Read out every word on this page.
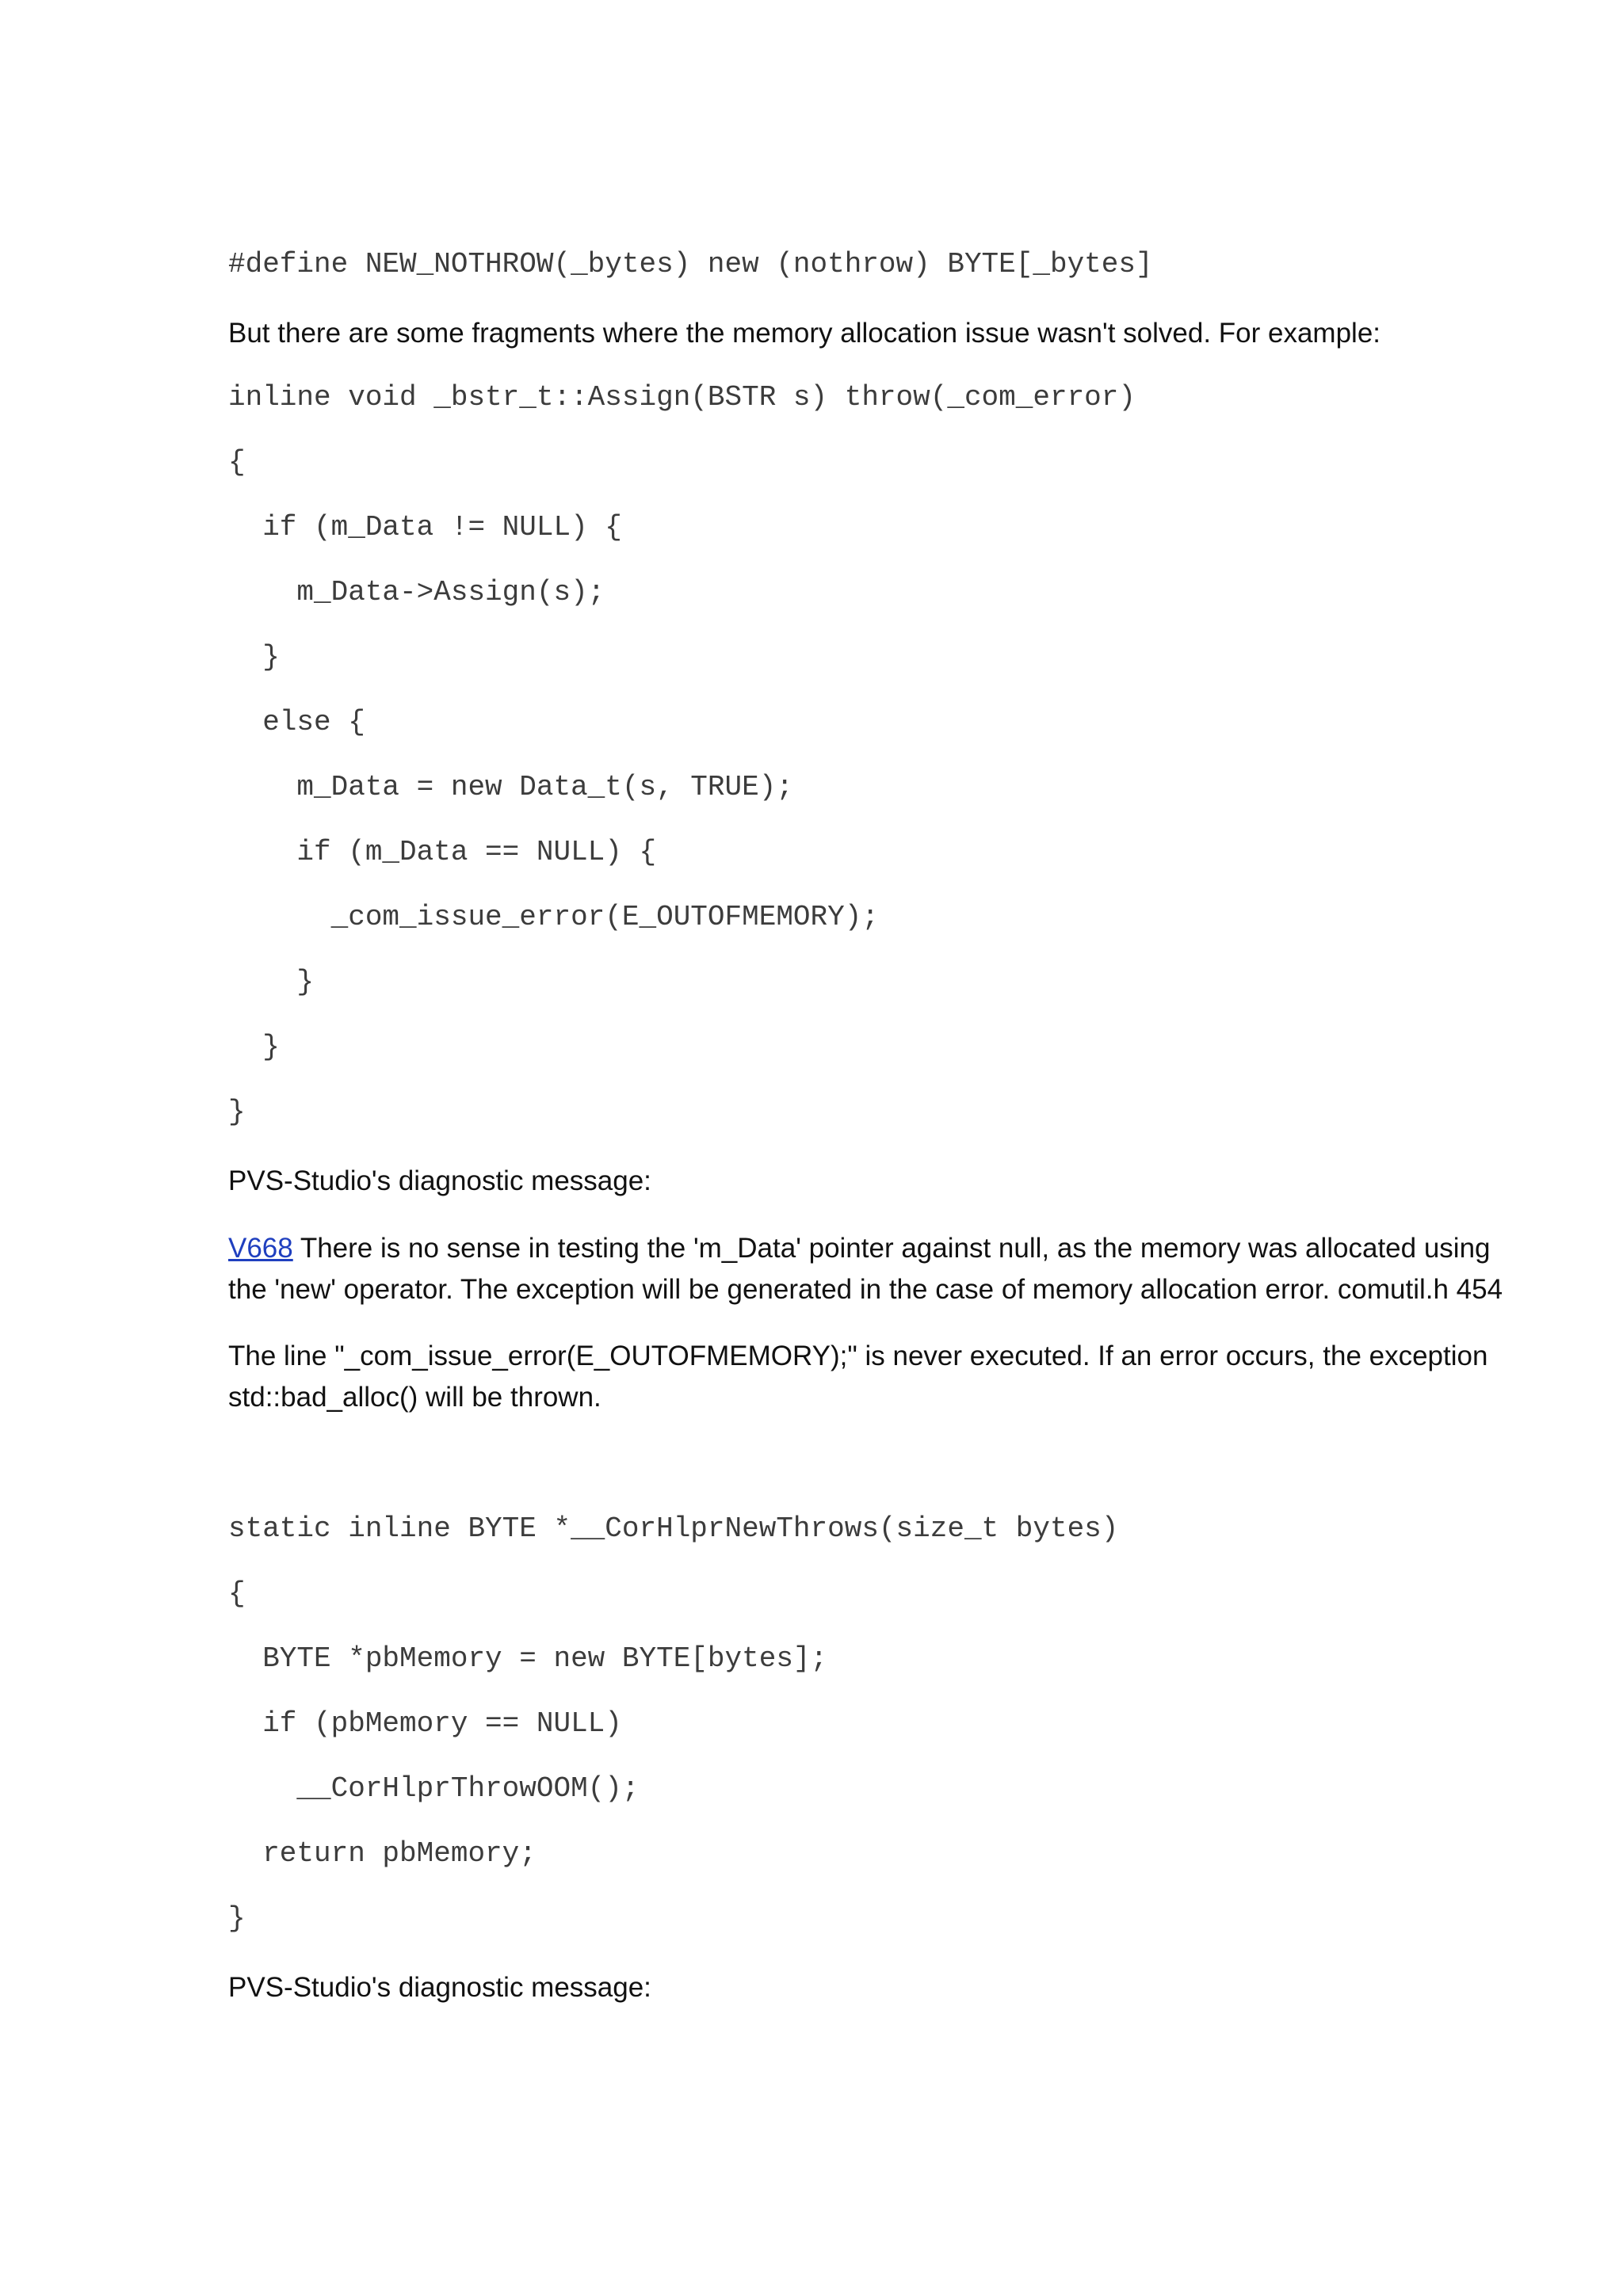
#define NEW_NOTHROW(_bytes) new (nothrow) BYTE[_bytes]
But there are some fragments where the memory allocation issue wasn't solved. For example:
inline void _bstr_t::Assign(BSTR s) throw(_com_error)
{
if (m_Data != NULL) {
m_Data->Assign(s);
}
else {
m_Data = new Data_t(s, TRUE);
if (m_Data == NULL) {
_com_issue_error(E_OUTOFMEMORY);
}
}
}
PVS-Studio's diagnostic message:
V668 There is no sense in testing the 'm_Data' pointer against null, as the memory was allocated using the 'new' operator. The exception will be generated in the case of memory allocation error. comutil.h 454
The line "_com_issue_error(E_OUTOFMEMORY);" is never executed. If an error occurs, the exception std::bad_alloc() will be thrown.
static inline BYTE *__CorHlprNewThrows(size_t bytes)
{
BYTE *pbMemory = new BYTE[bytes];
if (pbMemory == NULL)
__CorHlprThrowOOM();
return pbMemory;
}
PVS-Studio's diagnostic message:
